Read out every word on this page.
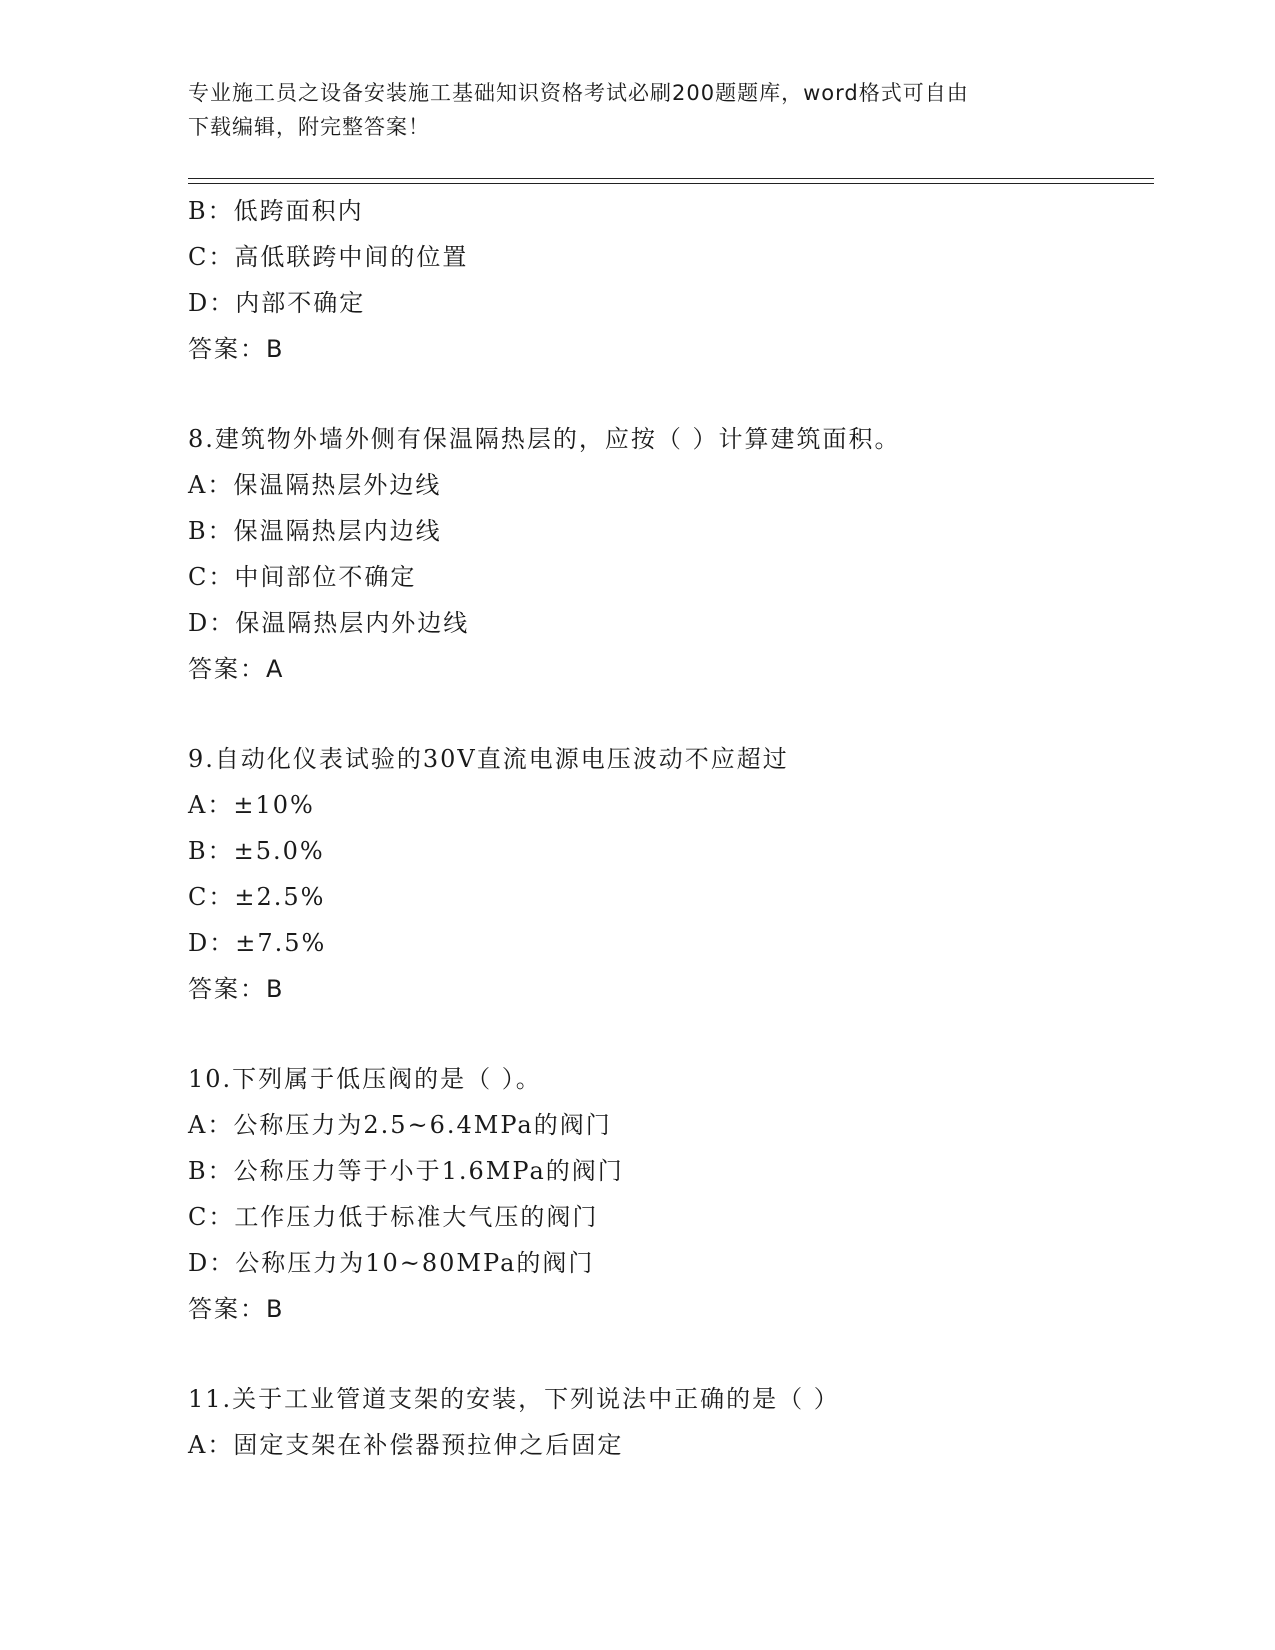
专业施工员之设备安装施工基础知识资格考试必刷200题题库，word格式可自由
下载编辑，附完整答案！
B：低跨面积内
C：高低联跨中间的位置
D：内部不确定
答案：B
8.建筑物外墙外侧有保温隔热层的，应按（ ）计算建筑面积。
A：保温隔热层外边线
B：保温隔热层内边线
C：中间部位不确定
D：保温隔热层内外边线
答案：A
9.自动化仪表试验的30V直流电源电压波动不应超过
A：±10%
B：±5.0%
C：±2.5%
D：±7.5%
答案：B
10.下列属于低压阀的是（ ）。
A：公称压力为2.5~6.4MPa的阀门
B：公称压力等于小于1.6MPa的阀门
C：工作压力低于标准大气压的阀门
D：公称压力为10~80MPa的阀门
答案：B
11.关于工业管道支架的安装，下列说法中正确的是（ ）
A：固定支架在补偿器预拉伸之后固定
